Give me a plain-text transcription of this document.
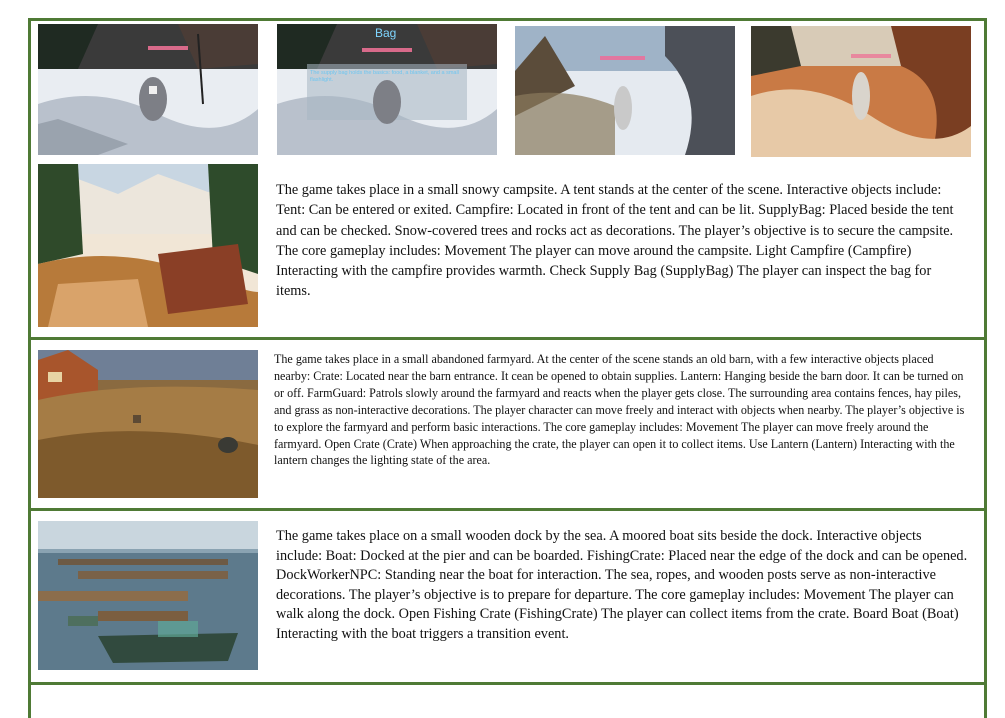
Bag
The supply bag holds the basics: food, a blanket, and a small flashlight.

The game takes place in a small snowy campsite. A tent stands at the center of the scene. Interactive objects include: Tent: Can be entered or exited. Campfire: Located in front of the tent and can be lit. SupplyBag: Placed beside the tent and can be checked. Snow-covered trees and rocks act as decorations. The player’s objective is to secure the campsite. The core gameplay includes: Movement The player can move around the campsite. Light Campfire (Campfire) Interacting with the campfire provides warmth. Check Supply Bag (SupplyBag) The player can inspect the bag for items.

The game takes place in a small abandoned farmyard. At the center of the scene stands an old barn, with a few interactive objects placed nearby: Crate: Located near the barn entrance. It cean be opened to obtain supplies. Lantern: Hanging beside the barn door. It can be turned on or off. FarmGuard: Patrols slowly around the farmyard and reacts when the player gets close. The surrounding area contains fences, hay piles, and grass as non-interactive decorations. The player character can move freely and interact with objects when nearby. The player’s objective is to explore the farmyard and perform basic interactions. The core gameplay includes: Movement The player can move freely around the farmyard. Open Crate (Crate) When approaching the crate, the player can open it to collect items. Use Lantern (Lantern) Interacting with the lantern changes the lighting state of the area.

The game takes place on a small wooden dock by the sea. A moored boat sits beside the dock. Interactive objects include: Boat: Docked at the pier and can be boarded. FishingCrate: Placed near the edge of the dock and can be opened. DockWorkerNPC: Standing near the boat for interaction. The sea, ropes, and wooden posts serve as non-interactive decorations. The player’s objective is to prepare for departure. The core gameplay includes: Movement The player can walk along the dock. Open Fishing Crate (FishingCrate) The player can collect items from the crate. Board Boat (Boat) Interacting with the boat triggers a transition event.
